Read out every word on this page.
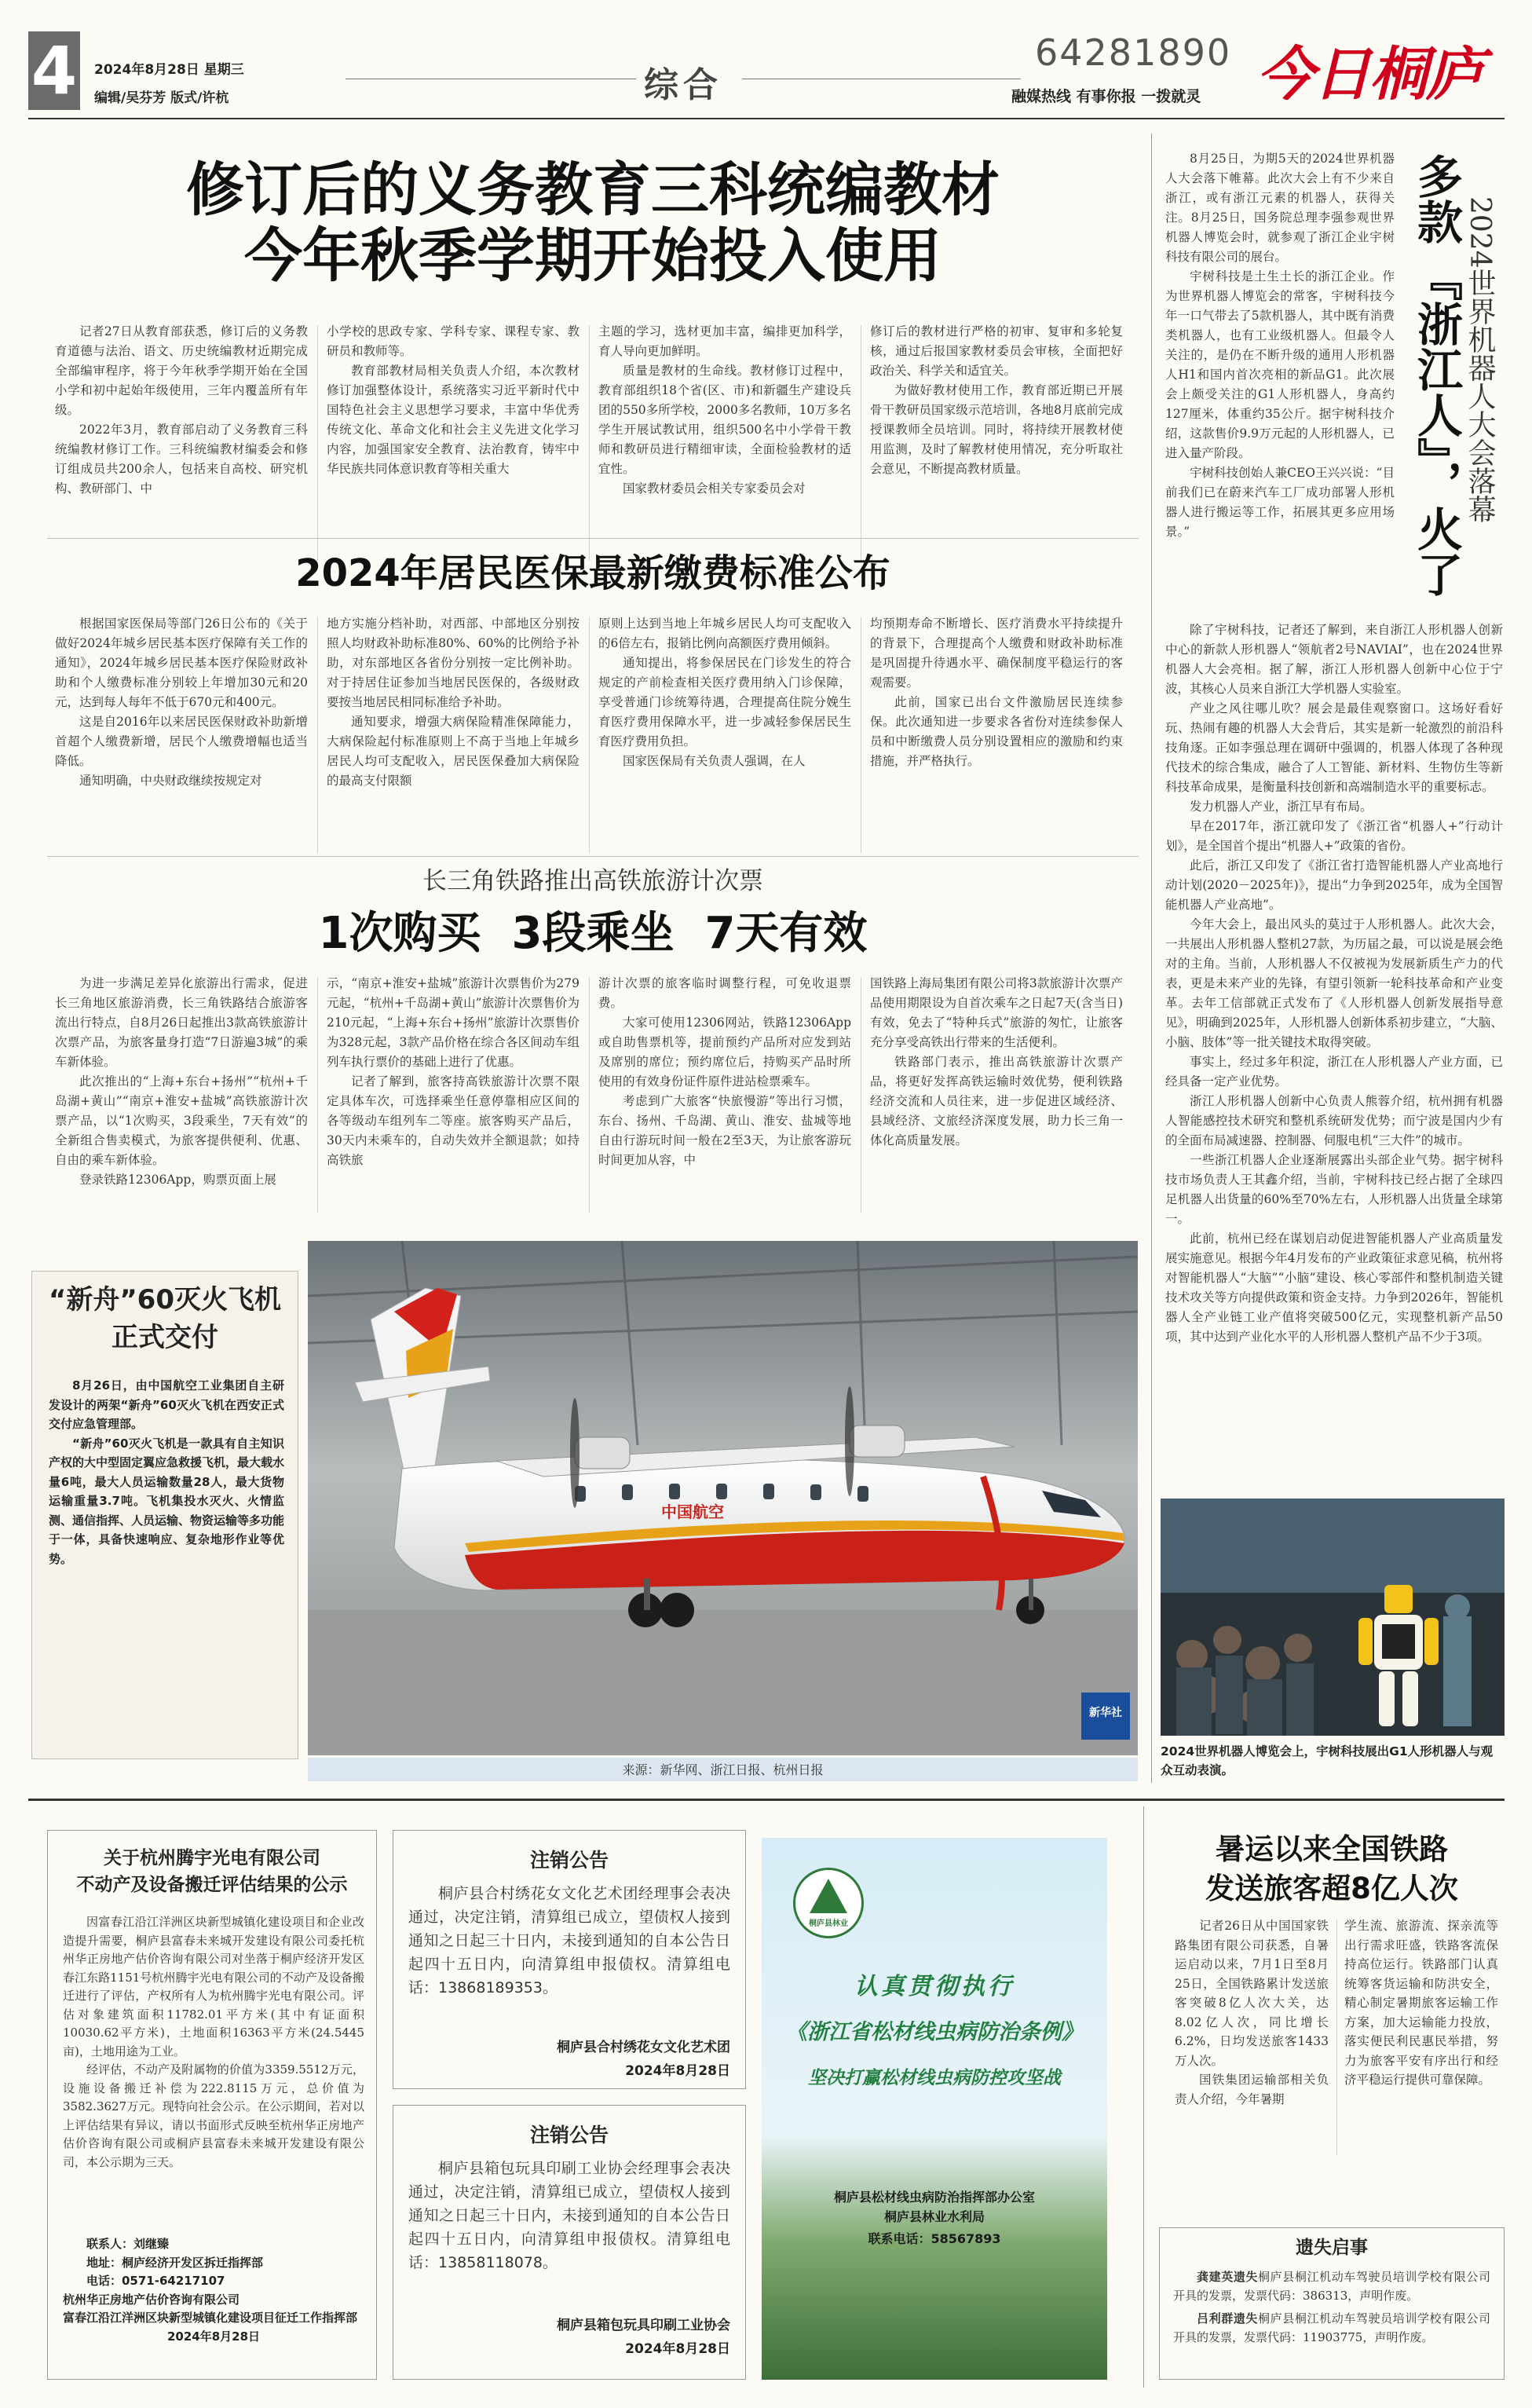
4 2024年8月28日 星期三
编辑/吴芬芳 版式/许杭	综合
64281890
融媒热线 有事你报 一拨就灵 今日桐庐
修订后的义务教育三科统编教材
今年秋季学期开始投入使用

记者27日从教育部获悉，修订后的义务教育道德与法治、语文、历史统编教材近期完成全部编审程序，将于今年秋季学期开始在全国小学和初中起始年级使用，三年内覆盖所有年级。

2022年3月，教育部启动了义务教育三科统编教材修订工作。三科统编教材编委会和修订组成员共200余人，包括来自高校、研究机构、教研部门、中

小学校的思政专家、学科专家、课程专家、教研员和教师等。

教育部教材局相关负责人介绍，本次教材修订加强整体设计，系统落实习近平新时代中国特色社会主义思想学习要求，丰富中华优秀传统文化、革命文化和社会主义先进文化学习内容，加强国家安全教育、法治教育，铸牢中华民族共同体意识教育等相关重大

主题的学习，选材更加丰富，编排更加科学，育人导向更加鲜明。

质量是教材的生命线。教材修订过程中，教育部组织18个省(区、市)和新疆生产建设兵团的550多所学校，2000多名教师，10万多名学生开展试教试用，组织500名中小学骨干教师和教研员进行精细审读，全面检验教材的适宜性。

国家教材委员会相关专家委员会对

修订后的教材进行严格的初审、复审和多轮复核，通过后报国家教材委员会审核，全面把好政治关、科学关和适宜关。

为做好教材使用工作，教育部近期已开展骨干教研员国家级示范培训，各地8月底前完成授课教师全员培训。同时，将持续开展教材使用监测，及时了解教材使用情况，充分听取社会意见，不断提高教材质量。

2024年居民医保最新缴费标准公布

根据国家医保局等部门26日公布的《关于做好2024年城乡居民基本医疗保障有关工作的通知》，2024年城乡居民基本医疗保险财政补助和个人缴费标准分别较上年增加30元和20元，达到每人每年不低于670元和400元。

这是自2016年以来居民医保财政补助新增首超个人缴费新增，居民个人缴费增幅也适当降低。

通知明确，中央财政继续按规定对

地方实施分档补助，对西部、中部地区分别按照人均财政补助标准80%、60%的比例给予补助，对东部地区各省份分别按一定比例补助。对于持居住证参加当地居民医保的，各级财政要按当地居民相同标准给予补助。

通知要求，增强大病保险精准保障能力，大病保险起付标准原则上不高于当地上年城乡居民人均可支配收入，居民医保叠加大病保险的最高支付限额

原则上达到当地上年城乡居民人均可支配收入的6倍左右，报销比例向高额医疗费用倾斜。

通知提出，将参保居民在门诊发生的符合规定的产前检查相关医疗费用纳入门诊保障，享受普通门诊统筹待遇，合理提高住院分娩生育医疗费用保障水平，进一步减轻参保居民生育医疗费用负担。

国家医保局有关负责人强调，在人

均预期寿命不断增长、医疗消费水平持续提升的背景下，合理提高个人缴费和财政补助标准是巩固提升待遇水平、确保制度平稳运行的客观需要。

此前，国家已出台文件激励居民连续参保。此次通知进一步要求各省份对连续参保人员和中断缴费人员分别设置相应的激励和约束措施，并严格执行。

长三角铁路推出高铁旅游计次票
1次购买  3段乘坐  7天有效

为进一步满足差异化旅游出行需求，促进长三角地区旅游消费，长三角铁路结合旅游客流出行特点，自8月26日起推出3款高铁旅游计次票产品，为旅客量身打造“7日游遍3城”的乘车新体验。

此次推出的“上海+东台+扬州”“杭州+千岛湖+黄山”“南京+淮安+盐城”高铁旅游计次票产品，以“1次购买，3段乘坐，7天有效”的全新组合售卖模式，为旅客提供便利、优惠、自由的乘车新体验。

登录铁路12306App，购票页面上展

示，“南京+淮安+盐城”旅游计次票售价为279元起，“杭州+千岛湖+黄山”旅游计次票售价为210元起，“上海+东台+扬州”旅游计次票售价为328元起，3款产品价格在综合各区间动车组列车执行票价的基础上进行了优惠。

记者了解到，旅客持高铁旅游计次票不限定具体车次，可选择乘坐任意停靠相应区间的各等级动车组列车二等座。旅客购买产品后，30天内未乘车的，自动失效并全额退款；如持高铁旅

游计次票的旅客临时调整行程，可免收退票费。

大家可使用12306网站，铁路12306App或自助售票机等，提前预约产品所对应发到站及席别的席位；预约席位后，持购买产品时所使用的有效身份证件原件进站检票乘车。

考虑到广大旅客“快旅慢游”等出行习惯，东台、扬州、千岛湖、黄山、淮安、盐城等地自由行游玩时间一般在2至3天，为让旅客游玩时间更加从容，中

国铁路上海局集团有限公司将3款旅游计次票产品使用期限设为自首次乘车之日起7天(含当日)有效，免去了“特种兵式”旅游的匆忙，让旅客充分享受高铁出行带来的生活便利。

铁路部门表示，推出高铁旅游计次票产品，将更好发挥高铁运输时效优势，便利铁路经济交流和人员往来，进一步促进区域经济、县域经济、文旅经济深度发展，助力长三角一体化高质量发展。

“新舟”60灭火飞机
正式交付

8月26日，由中国航空工业集团自主研发设计的两架“新舟”60灭火飞机在西安正式交付应急管理部。

“新舟”60灭火飞机是一款具有自主知识产权的大中型固定翼应急救援飞机，最大载水量6吨，最大人员运输数量28人，最大货物运输重量3.7吨。飞机集投水灭火、火情监测、通信指挥、人员运输、物资运输等多功能于一体，具备快速响应、复杂地形作业等优势。

中国航空
新华社
来源：新华网、浙江日报、杭州日报
2024世界机器人大会落幕
多款
『浙江人』，火了

8月25日，为期5天的2024世界机器人大会落下帷幕。此次大会上有不少来自浙江，或有浙江元素的机器人，获得关注。8月25日，国务院总理李强参观世界机器人博览会时，就参观了浙江企业宇树科技有限公司的展台。

宇树科技是土生土长的浙江企业。作为世界机器人博览会的常客，宇树科技今年一口气带去了5款机器人，其中既有消费类机器人，也有工业级机器人。但最令人关注的，是仍在不断升级的通用人形机器人H1和国内首次亮相的新品G1。此次展会上颇受关注的G1人形机器人，身高约127厘米，体重约35公斤。据宇树科技介绍，这款售价9.9万元起的人形机器人，已进入量产阶段。

宇树科技创始人兼CEO王兴兴说：“目前我们已在蔚来汽车工厂成功部署人形机器人进行搬运等工作，拓展其更多应用场景。”

除了宇树科技，记者还了解到，来自浙江人形机器人创新中心的新款人形机器人“领航者2号NAVIAI”，也在2024世界机器人大会亮相。据了解，浙江人形机器人创新中心位于宁波，其核心人员来自浙江大学机器人实验室。

产业之风往哪儿吹？展会是最佳观察窗口。这场好看好玩、热闹有趣的机器人大会背后，其实是新一轮激烈的前沿科技角逐。正如李强总理在调研中强调的，机器人体现了各种现代技术的综合集成，融合了人工智能、新材料、生物仿生等新科技革命成果，是衡量科技创新和高端制造水平的重要标志。

发力机器人产业，浙江早有布局。

早在2017年，浙江就印发了《浙江省“机器人+”行动计划》，是全国首个提出“机器人+”政策的省份。

此后，浙江又印发了《浙江省打造智能机器人产业高地行动计划(2020－2025年)》，提出“力争到2025年，成为全国智能机器人产业高地”。

今年大会上，最出风头的莫过于人形机器人。此次大会，一共展出人形机器人整机27款，为历届之最，可以说是展会绝对的主角。当前，人形机器人不仅被视为发展新质生产力的代表，更是未来产业的先锋，有望引领新一轮科技革命和产业变革。去年工信部就正式发布了《人形机器人创新发展指导意见》，明确到2025年，人形机器人创新体系初步建立，“大脑、小脑、肢体”等一批关键技术取得突破。

事实上，经过多年积淀，浙江在人形机器人产业方面，已经具备一定产业优势。

浙江人形机器人创新中心负责人熊蓉介绍，杭州拥有机器人智能感控技术研究和整机系统研发优势；而宁波是国内少有的全面布局减速器、控制器、伺服电机“三大件”的城市。

一些浙江机器人企业逐渐展露出头部企业气势。据宇树科技市场负责人王其鑫介绍，当前，宇树科技已经占据了全球四足机器人出货量的60%至70%左右，人形机器人出货量全球第一。

此前，杭州已经在谋划启动促进智能机器人产业高质量发展实施意见。根据今年4月发布的产业政策征求意见稿，杭州将对智能机器人“大脑”“小脑”建设、核心零部件和整机制造关键技术攻关等方向提供政策和资金支持。力争到2026年，智能机器人全产业链工业产值将突破500亿元，实现整机新产品50项，其中达到产业化水平的人形机器人整机产品不少于3项。

2024世界机器人博览会上，宇树科技展出G1人形机器人与观众互动表演。
关于杭州腾宇光电有限公司
不动产及设备搬迁评估结果的公示

因富春江沿江洋洲区块新型城镇化建设项目和企业改造提升需要，桐庐县富春未来城开发建设有限公司委托杭州华正房地产估价咨询有限公司对坐落于桐庐经济开发区春江东路1151号杭州腾宇光电有限公司的不动产及设备搬迁进行了评估，产权所有人为杭州腾宇光电有限公司。评估对象建筑面积11782.01平方米(其中有证面积10030.62平方米)，土地面积16363平方米(24.5445亩)，土地用途为工业。

经评估，不动产及附属物的价值为3359.5512万元，设施设备搬迁补偿为222.8115万元，总价值为3582.3627万元。现特向社会公示。在公示期间，若对以上评估结果有异议，请以书面形式反映至杭州华正房地产估价咨询有限公司或桐庐县富春未来城开发建设有限公司，本公示期为三天。

联系人：刘继臻
地址：桐庐经济开发区拆迁指挥部
电话：0571-64217107
杭州华正房地产估价咨询有限公司
富春江沿江洋洲区块新型城镇化建设项目征迁工作指挥部
2024年8月28日
注销公告
桐庐县合村绣花女文化艺术团经理事会表决通过，决定注销，清算组已成立，望债权人接到通知之日起三十日内，未接到通知的自本公告日起四十五日内，向清算组申报债权。清算组电话：13868189353。
桐庐县合村绣花女文化艺术团
2024年8月28日
注销公告
桐庐县箱包玩具印刷工业协会经理事会表决通过，决定注销，清算组已成立，望债权人接到通知之日起三十日内，未接到通知的自本公告日起四十五日内，向清算组申报债权。清算组电话：13858118078。
桐庐县箱包玩具印刷工业协会
2024年8月28日
桐庐县林业
认真贯彻执行
《浙江省松材线虫病防治条例》
坚决打赢松材线虫病防控攻坚战
桐庐县松材线虫病防治指挥部办公室
桐庐县林业水利局
联系电话：58567893
暑运以来全国铁路
发送旅客超8亿人次

记者26日从中国国家铁路集团有限公司获悉，自暑运启动以来，7月1日至8月25日，全国铁路累计发送旅客突破8亿人次大关，达8.02亿人次，同比增长6.2%，日均发送旅客1433万人次。

国铁集团运输部相关负责人介绍，今年暑期

学生流、旅游流、探亲流等出行需求旺盛，铁路客流保持高位运行。铁路部门认真统筹客货运输和防洪安全，精心制定暑期旅客运输工作方案，加大运输能力投放，落实便民利民惠民举措，努力为旅客平安有序出行和经济平稳运行提供可靠保障。

遗失启事

龚建英遗失桐庐县桐江机动车驾驶员培训学校有限公司开具的发票，发票代码：386313，声明作废。

吕利群遗失桐庐县桐江机动车驾驶员培训学校有限公司开具的发票，发票代码：11903775，声明作废。
